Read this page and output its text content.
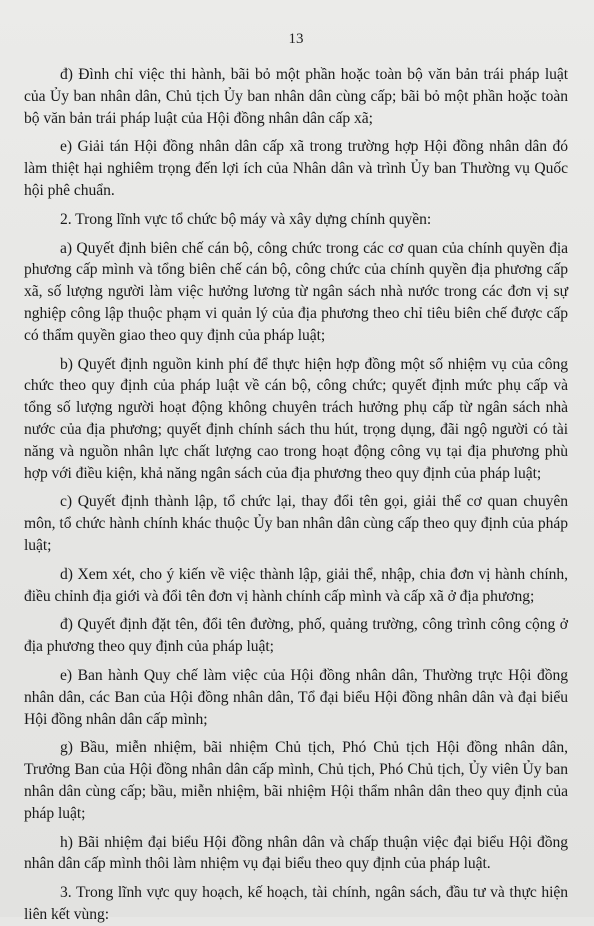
13

đ) Đình chỉ việc thi hành, bãi bỏ một phần hoặc toàn bộ văn bản trái pháp luật của Ủy ban nhân dân, Chủ tịch Ủy ban nhân dân cùng cấp; bãi bỏ một phần hoặc toàn bộ văn bản trái pháp luật của Hội đồng nhân dân cấp xã;

e) Giải tán Hội đồng nhân dân cấp xã trong trường hợp Hội đồng nhân dân đó làm thiệt hại nghiêm trọng đến lợi ích của Nhân dân và trình Ủy ban Thường vụ Quốc hội phê chuẩn.

2. Trong lĩnh vực tổ chức bộ máy và xây dựng chính quyền:

a) Quyết định biên chế cán bộ, công chức trong các cơ quan của chính quyền địa phương cấp mình và tổng biên chế cán bộ, công chức của chính quyền địa phương cấp xã, số lượng người làm việc hưởng lương từ ngân sách nhà nước trong các đơn vị sự nghiệp công lập thuộc phạm vi quản lý của địa phương theo chỉ tiêu biên chế được cấp có thẩm quyền giao theo quy định của pháp luật;

b) Quyết định nguồn kinh phí để thực hiện hợp đồng một số nhiệm vụ của công chức theo quy định của pháp luật về cán bộ, công chức; quyết định mức phụ cấp và tổng số lượng người hoạt động không chuyên trách hưởng phụ cấp từ ngân sách nhà nước của địa phương; quyết định chính sách thu hút, trọng dụng, đãi ngộ người có tài năng và nguồn nhân lực chất lượng cao trong hoạt động công vụ tại địa phương phù hợp với điều kiện, khả năng ngân sách của địa phương theo quy định của pháp luật;

c) Quyết định thành lập, tổ chức lại, thay đổi tên gọi, giải thể cơ quan chuyên môn, tổ chức hành chính khác thuộc Ủy ban nhân dân cùng cấp theo quy định của pháp luật;

d) Xem xét, cho ý kiến về việc thành lập, giải thể, nhập, chia đơn vị hành chính, điều chỉnh địa giới và đổi tên đơn vị hành chính cấp mình và cấp xã ở địa phương;

đ) Quyết định đặt tên, đổi tên đường, phố, quảng trường, công trình công cộng ở địa phương theo quy định của pháp luật;

e) Ban hành Quy chế làm việc của Hội đồng nhân dân, Thường trực Hội đồng nhân dân, các Ban của Hội đồng nhân dân, Tổ đại biểu Hội đồng nhân dân và đại biểu Hội đồng nhân dân cấp mình;

g) Bầu, miễn nhiệm, bãi nhiệm Chủ tịch, Phó Chủ tịch Hội đồng nhân dân, Trưởng Ban của Hội đồng nhân dân cấp mình, Chủ tịch, Phó Chủ tịch, Ủy viên Ủy ban nhân dân cùng cấp; bầu, miễn nhiệm, bãi nhiệm Hội thẩm nhân dân theo quy định của pháp luật;

h) Bãi nhiệm đại biểu Hội đồng nhân dân và chấp thuận việc đại biểu Hội đồng nhân dân cấp mình thôi làm nhiệm vụ đại biểu theo quy định của pháp luật.

3. Trong lĩnh vực quy hoạch, kế hoạch, tài chính, ngân sách, đầu tư và thực hiện liên kết vùng:
